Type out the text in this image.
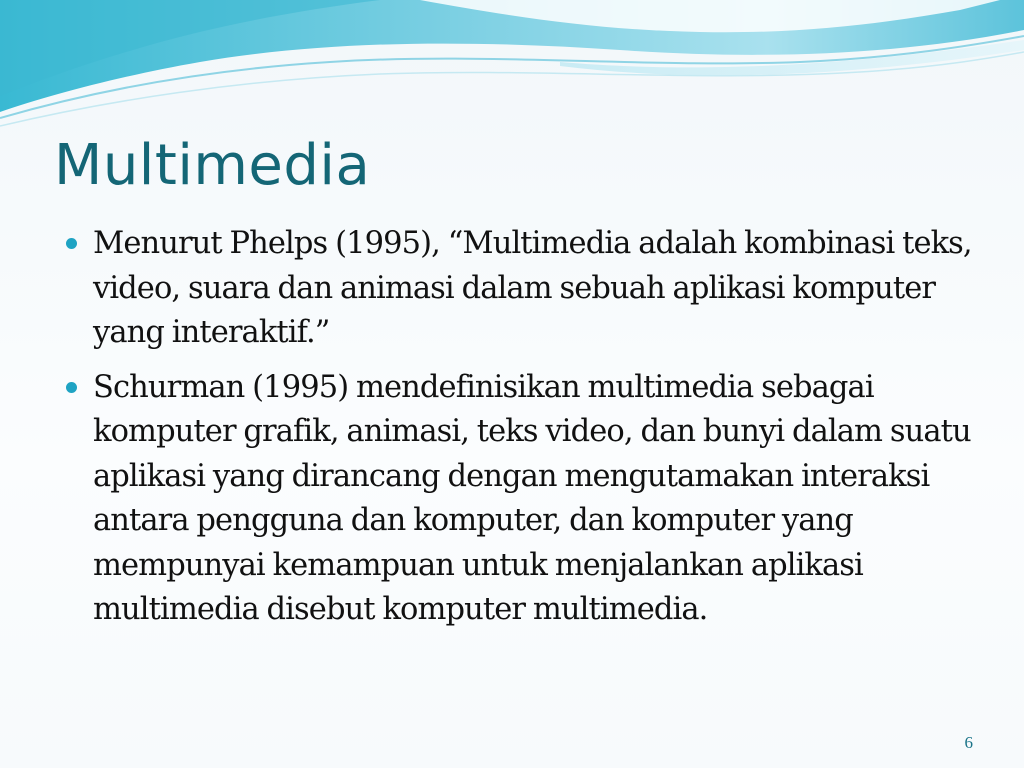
Multimedia
Menurut Phelps (1995), “Multimedia adalah kombinasi teks, video, suara dan animasi dalam sebuah aplikasi komputer yang interaktif.”
Schurman (1995) mendefinisikan multimedia sebagai komputer grafik, animasi, teks video, dan bunyi dalam suatu aplikasi yang dirancang dengan mengutamakan interaksi antara pengguna dan komputer, dan komputer yang mempunyai kemampuan untuk menjalankan aplikasi multimedia disebut komputer multimedia.
6
